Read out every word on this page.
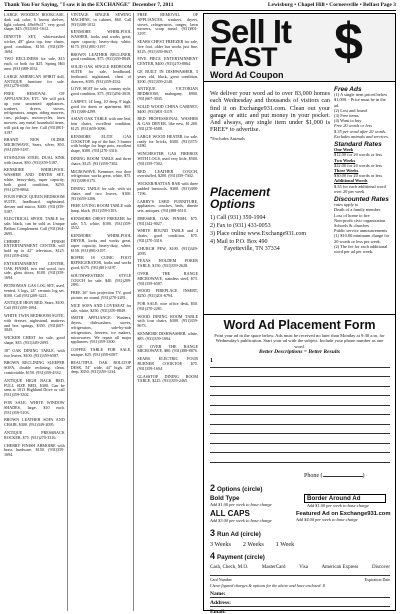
Thank You For Saying, "I saw it in the EXCHANGE" December 7, 2011	Lewisburg • Chapel Hill • Cornersville • Belfast Page 3
LARGE WOODEN BOOKCASE, dark oak color, 6 brown shelves, light colored, 48x69x11", very good shape, $45. (931)361-1612.
DINETTE SET, whitewashed wicker, 48" glass top, four chairs, good condition, $150. (931)359-1694.
TWO RECLINERS for sale, $15 each, or both for $25. Spring Hill area. (931)388-1052.
LARGE AMERICAN SPIRIT doll, ANTIQUE furniture for sale. (931)270-6588.
FREE REMOVAL OF APPLIANCES, ETC. We will pick up your unwanted appliances, washers, dryers, stoves, refrigerators, ranges, riding mowers, cars, pickups, motorcycles, lawn mowers, any metal household items, will pick up for free. Call (931)801-3197.
BRAND NEW OLDER MICROWAVE, Sears, silver, $50. (931)359-5187.
STAINLESS STEEL DUAL SINK with faucet, $50. (931)359-5187.
KENMORE WHIRLPOOL WASHER AND DRYER SET, white, heavy-duty, super capacity, both good condition, $250. (931)270-8864.
FOUR PIECE QUEEN BEDROOM SUITE, headboard, nightstand, dresser and mirror, $400. (931)359-5187.
ELECTRICAL SPOOL TABLE for sale, black, can be sold as Unique Belfast Complement. Call (931)364-2695.
CHERRY FINISH ENTERTAINMENT CENTER, will hold up to 42" television, $125. (931)359-4582.
ENTERTAINMENT CENTER, OAK FINISH, two end wood, two side, glass doors, $100. (931)359-1694.
PETROMAN GAS LOG SET, used, vented, 3 logs, 24" ceramic log set, $100. Call (931)209-3221.
ANTIQUE IRON BED, Sears, $100. Call (931)359-1694.
WHITE TWIN BEDROOM SUITE, with dresser, nightstand, mattress and box springs, $350. (931)607-3045.
WICKER CHEST for sale, good shape, $35. (931)349-2095.
18" OAK DINING TABLE, with two leaves, $100. (931)359-6587.
BROWN RECLINING SLEEPER SOFA, double reclining, clean, comfortable, $150. (931)359-4532.
ANTIQUE HIGH BACK BED, FULL SIZE BED, $300. Can be seen at 1013 Highland Drive or call (931)359-3302.
FOR SALE: WHITE WINDOW SHADES, large, $10 each. (931)359-5103.
BROWN LEATHER SOFA AND CHAIR, $300. (931)349-2095.
ANTIQUE PRESSBACK ROCKER, $75. (931)270-3316.
CHERRY FINISH ARMOIRE with brass hardware, $150. (931)359-1694.
VINTAGE SINGER SEWING MACHINE, in cabinet, $60. Call (931)388-1012.
KENMORE WHIRLPOOL WASHER, looks and works great, super capacity, heavy-duty, white, $175. (931)801-3197.
BROWN LEATHER RECLINER, good condition, $75. (931)359-8849.
SOLID OAK SINGLE BEDROOM SUITE for sale, headboard, footboard, nightstand, chest of drawers, $395. (931)359-4532.
LOVE SEAT for sale, country style, good condition, $75. (931)294-3018.
CARPET, 14' long, 10' deep, 9' high, good for dorm or apartment, $65. (931)388-4299.
ASIAN OAK TABLE with one leaf, four chairs, excellent condition, $125. (931)659-3096.
KENMORE ELITE GAS COOKTOP, top of the line, 5 burner with bridge for large pots, excellent shape, $300. (931)270-3316.
DINING ROOM TABLE and three chairs, $125. (931)359-7302.
MICROWAVE, Kenmore, two door refrigerator, works great, white, $75. (931)388-0175.
DINING TABLE for sale, with six chairs and two leaves, $100. (931)659-3206.
FREE LIVING ROOM TABLE with lamp, black. (931)359-5103.
KENMORE CHEST FREEZER for sale, 5.5, white, $100. (931)359-4532.
KENMORE WHIRLPOOL DRYER, looks and works great, super capacity, heavy-duty, white, $150. (931)801-3197.
ROPER 18 CUBIC FOOT REFRIGERATOR, looks and works good, $175. (931)801-3197.
SOUTHWESTERN STYLE COUCH for sale, $40. (931)209-2891.
FREE 36" box projection TV, good picture, no sound. (931)270-2281.
NICE SOFA AND LOVESEAT for sale, white, $250. (931)359-8849.
SMITH APPLIANCE: Washers, dryers, dishwashers, stoves, refrigerators, side-by-side refrigerators, freezers, ice makers, microwaves. We repair all major appliances. (931)359-3300.
COFFEE TABLE FOR SALE, antique, $25. (931)359-6587.
BEAUTIFUL OAK ROLLTOP DESK, 54" wide, 44" high, 28" deep, $350. (931)359-1234.
FREE REMOVAL OF APPLIANCES, washers, dryers, stoves, refrigerators, ranges, lawn mowers, scrap metal. (931)801-3197.
SEARS CHEST FREEZER for sale, five foot, older but works just fine, $125. (931)359-0637.
FIVE PIECE ENTERTAINMENT CENTER, $400. (931)270-8864.
GE BUILT IN DISHWASHER, 5 years old, black, great condition, $100. (931)359-2140.
ANTIQUE VICTORIAN BEDROOM, mahogany, $900. (931)607-3045.
SOLID WOOD CHINA CABINET, $400. (931)801-3119.
RED PROFESSIONAL WASHER & GAS DRYER, like new, $1,200. (931)270-6588.
LARGE WOOD HEATER for sale, ready for bricks, $300. (931)375-6180.
WINCHESTER GAS FIREBOX WITH LOGS, used very little, $500. (931)359-7302.
RED LEATHER COUCH, overstuffed, $200. (931)359-7302.
WICKER/RATTAN BAR with three padded barstools, $300. (931)388-7196.
LARRY'S USED FURNITURE, appliances, couches, beds, dinette sets, antiques. (931)388-6510.
DRESSER, OAK FINISH, $75. (931)342-9027.
WHITE ROUND TABLE and 4 chairs, good condition, $75. (931)270-3316.
CHURCH PEW, $100. (931)349-2095.
TEXAS HOLDEM POKER TABLE, $150. (931)359-2628.
OVER THE RANGE MICROWAVE, stainless steel, $75. (931)359-6587.
WOOD FIREPLACE INSERT, $250. (931)201-6794.
FOR SALE: nice office desk, $50. (931)270-2281.
WOOD DINING ROOM TABLE with four chairs, $300. (931)359-8673.
KENMORE DISHWASHER, white, $85. (931)359-1694.
GE OVER THE RANGE MICROWAVE, $80. (931)388-8876.
SEARS ELECTRIC FOUR BURNER COOKTOP, $75. (931)359-1694.
GLASSTOP DINING ROOM TABLE, $225. (931)359-2465.
Sell It
FAST $
Word Ad Coupon
We deliver your word ad to over 83,000 homes each Wednesday and thousands of visitors can find it on Exchange931.com. Clean out your garage or attic and put money in your pocket. And always, any single item under $1,000 is FREE* to advertise.
*Excludes Animals
Placement
Options
1) Call (931) 359-1994
2) Fax to (931) 433-0053
3) Place online www.Exchange931.com
4) Mail to P.O. Box 490
Fayetteville, TN 37334
Free Ads
(1) A single item priced below $1,000. - Price must be in the ad.
(2) Lost and found
(3) Free items
(4) Want to buy
Free 20 words or less
$.35 per word after 20 words.
Excludes animals and services.
Standard Rates
One Week
$12.00 for 20 words or less
Two Weeks
$22.00 for 20 words or less
Three Weeks
$30.00 for 20 words or less
Additional Words
$.35 for each additional word over 20 per week.
Discounted Rates
rates apply to
Death of a family member
Loss of home to fire
Non-profit civic organization
Schools & churches
Public service announcements
(1) $10.00 minimum charge for 20 words or less per week.
(2) The fee for each additional word per ad per week.
Word Ad Placement Form
Print your ad in the space below. Ads must be received no later than Monday at 9:30 a.m. for Wednesday's publication. Start your ad with the subject. Include your phone number as one word.
Better Descriptions = Better Results
1
Phone (	)
2 Options (circle)
Bold Type
Add $1.00 per week to base charge
ALL CAPS
Add $3.00 per week to base charge
Border Around Ad
Add $1.00 per week to base charge
Featured Ad on Exchange931.com
Add $4.00 per week to base charge
3 Run Ad (circle)
3 Weeks 2 Weeks 1 Week
4 Payment (circle)
Cash, Check, M.O.	MasterCard	Visa	American Express	Discover
Card Number	Expiration Date
I have figured charges & options for the above and have enclosed: $
Name:
Address:
Email:
